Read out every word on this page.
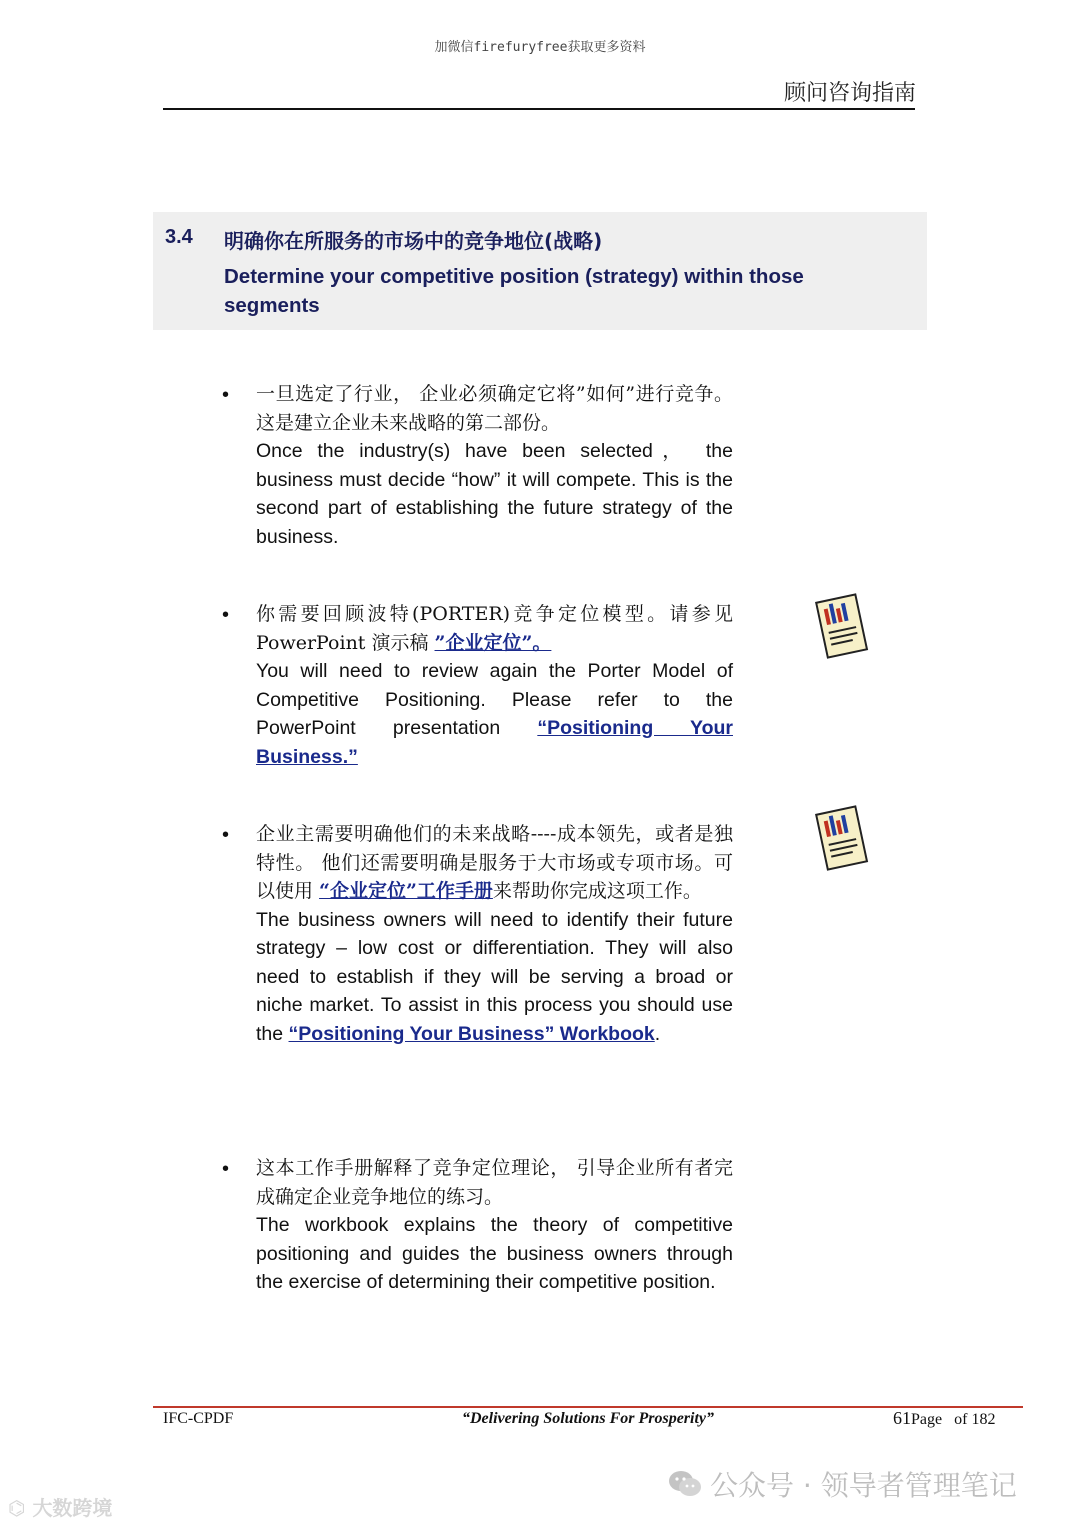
加微信firefuryfree获取更多资料
顾问咨询指南
3.4 明确你在所服务的市场中的竞争地位(战略)
Determine your competitive position (strategy) within those segments
• 一旦选定了行业， 企业必须确定它将”如何”进行竞争。 这是建立企业未来战略的第二部份。
Once the industry(s) have been selected， the business must decide “how” it will compete. This is the second part of establishing the future strategy of the business.
• 你需要回顾波特(PORTER)竞争定位模型。请参见PowerPoint 演示稿 ”企业定位”。
You will need to review again the Porter Model of Competitive Positioning. Please refer to the PowerPoint presentation “Positioning Your Business.”
• 企业主需要明确他们的未来战略----成本领先，或者是独特性。 他们还需要明确是服务于大市场或专项市场。可以使用 “企业定位”工作手册来帮助你完成这项工作。
The business owners will need to identify their future strategy – low cost or differentiation. They will also need to establish if they will be serving a broad or niche market. To assist in this process you should use the “Positioning Your Business” Workbook.
• 这本工作手册解释了竞争定位理论， 引导企业所有者完成确定企业竞争地位的练习。
The workbook explains the theory of competitive positioning and guides the business owners through the exercise of determining their competitive position.
IFC-CPDF	“Delivering Solutions For Prosperity”	61Page of 182
公众号 · 领导者管理笔记
⌬ 大数跨境
